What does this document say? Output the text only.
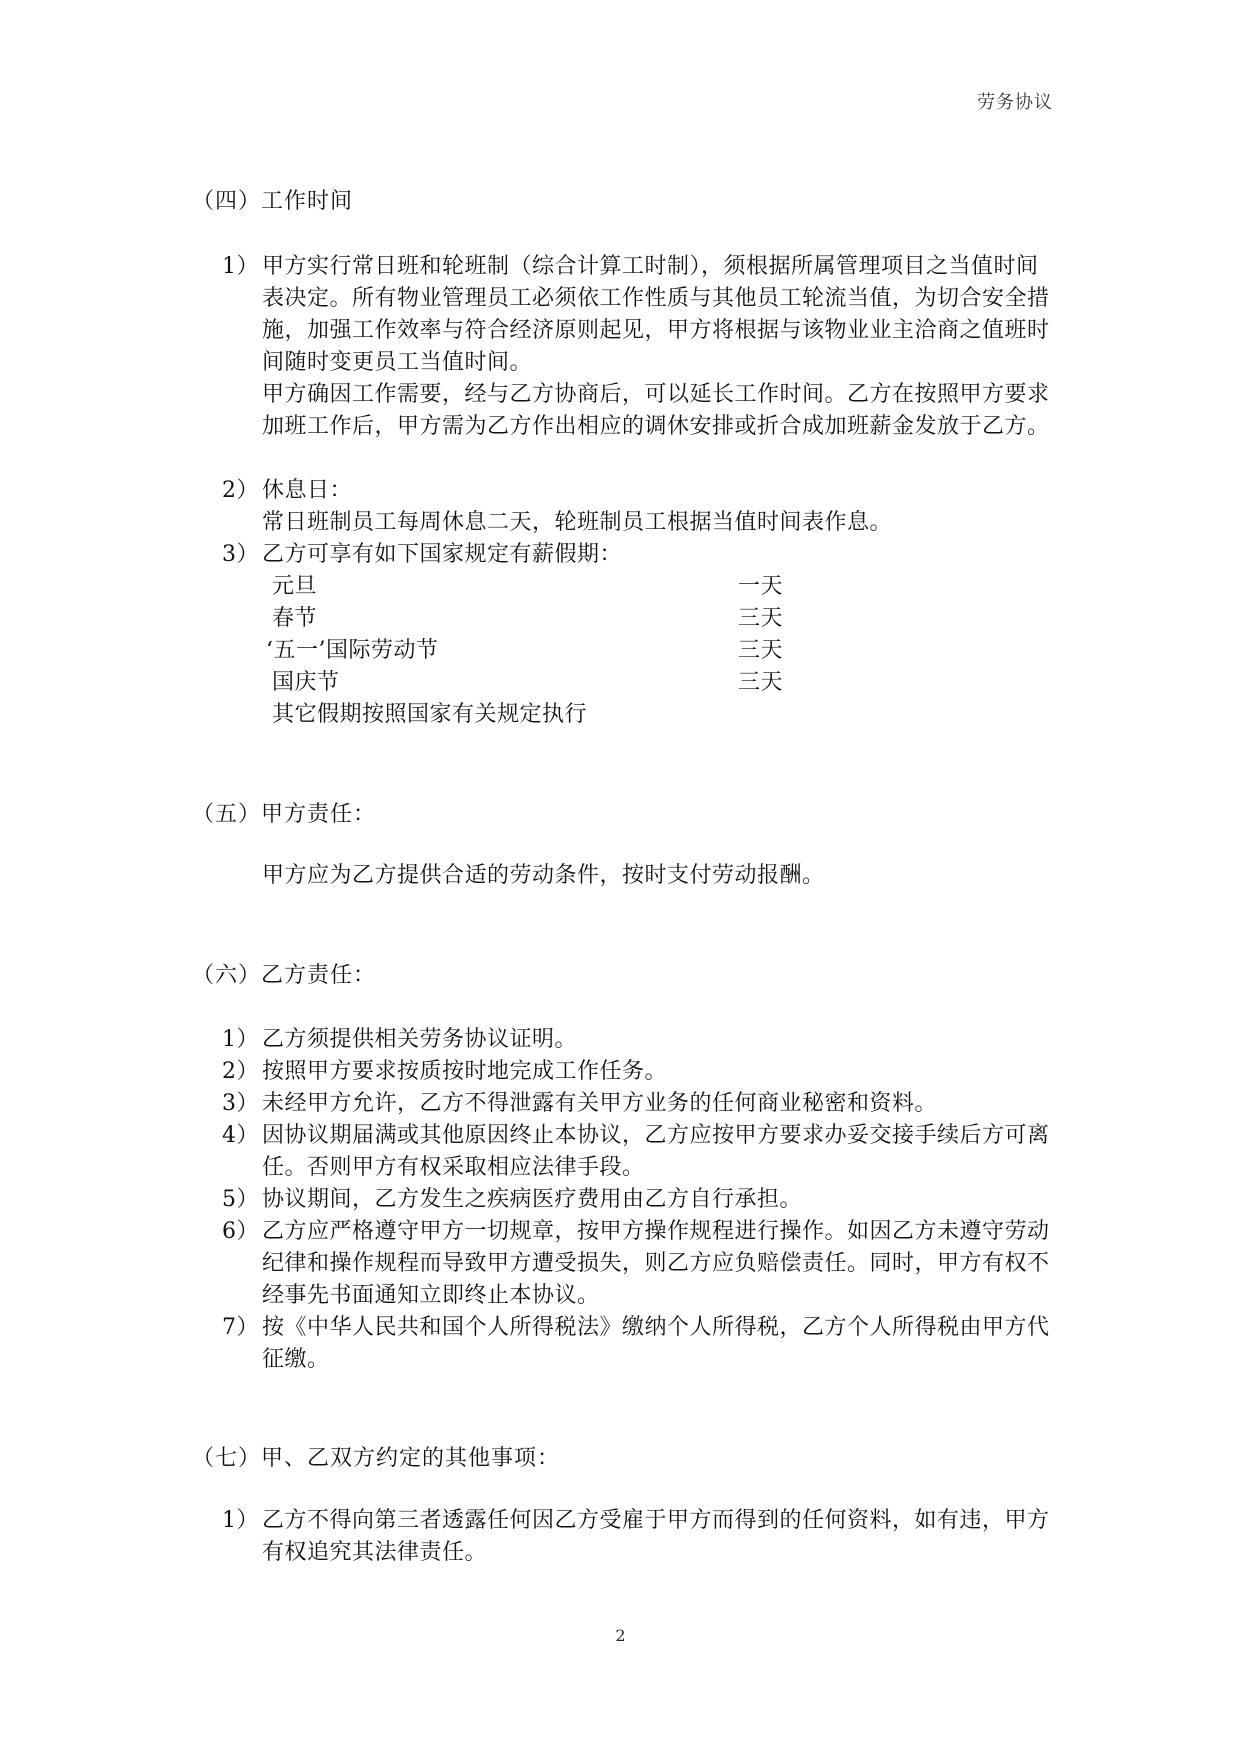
劳务协议
（四）工作时间
1） 甲方实行常日班和轮班制（综合计算工时制），须根据所属管理项目之当值时间表决定。所有物业管理员工必须依工作性质与其他员工轮流当值，为切合安全措施，加强工作效率与符合经济原则起见，甲方将根据与该物业业主洽商之值班时间随时变更员工当值时间。
甲方确因工作需要，经与乙方协商后，可以延长工作时间。乙方在按照甲方要求加班工作后，甲方需为乙方作出相应的调休安排或折合成加班薪金发放于乙方。
2） 休息日：
常日班制员工每周休息二天，轮班制员工根据当值时间表作息。
3） 乙方可享有如下国家规定有薪假期：
元旦	一天
春节	三天
‘五一’国际劳动节	三天
国庆节	三天
其它假期按照国家有关规定执行
（五）甲方责任：
甲方应为乙方提供合适的劳动条件，按时支付劳动报酬。
（六）乙方责任：
1） 乙方须提供相关劳务协议证明。
2） 按照甲方要求按质按时地完成工作任务。
3） 未经甲方允许，乙方不得泄露有关甲方业务的任何商业秘密和资料。
4） 因协议期届满或其他原因终止本协议，乙方应按甲方要求办妥交接手续后方可离任。否则甲方有权采取相应法律手段。
5） 协议期间，乙方发生之疾病医疗费用由乙方自行承担。
6） 乙方应严格遵守甲方一切规章，按甲方操作规程进行操作。如因乙方未遵守劳动纪律和操作规程而导致甲方遭受损失，则乙方应负赔偿责任。同时，甲方有权不经事先书面通知立即终止本协议。
7） 按《中华人民共和国个人所得税法》缴纳个人所得税，乙方个人所得税由甲方代征缴。
（七）甲、乙双方约定的其他事项：
1） 乙方不得向第三者透露任何因乙方受雇于甲方而得到的任何资料，如有违，甲方有权追究其法律责任。
2
